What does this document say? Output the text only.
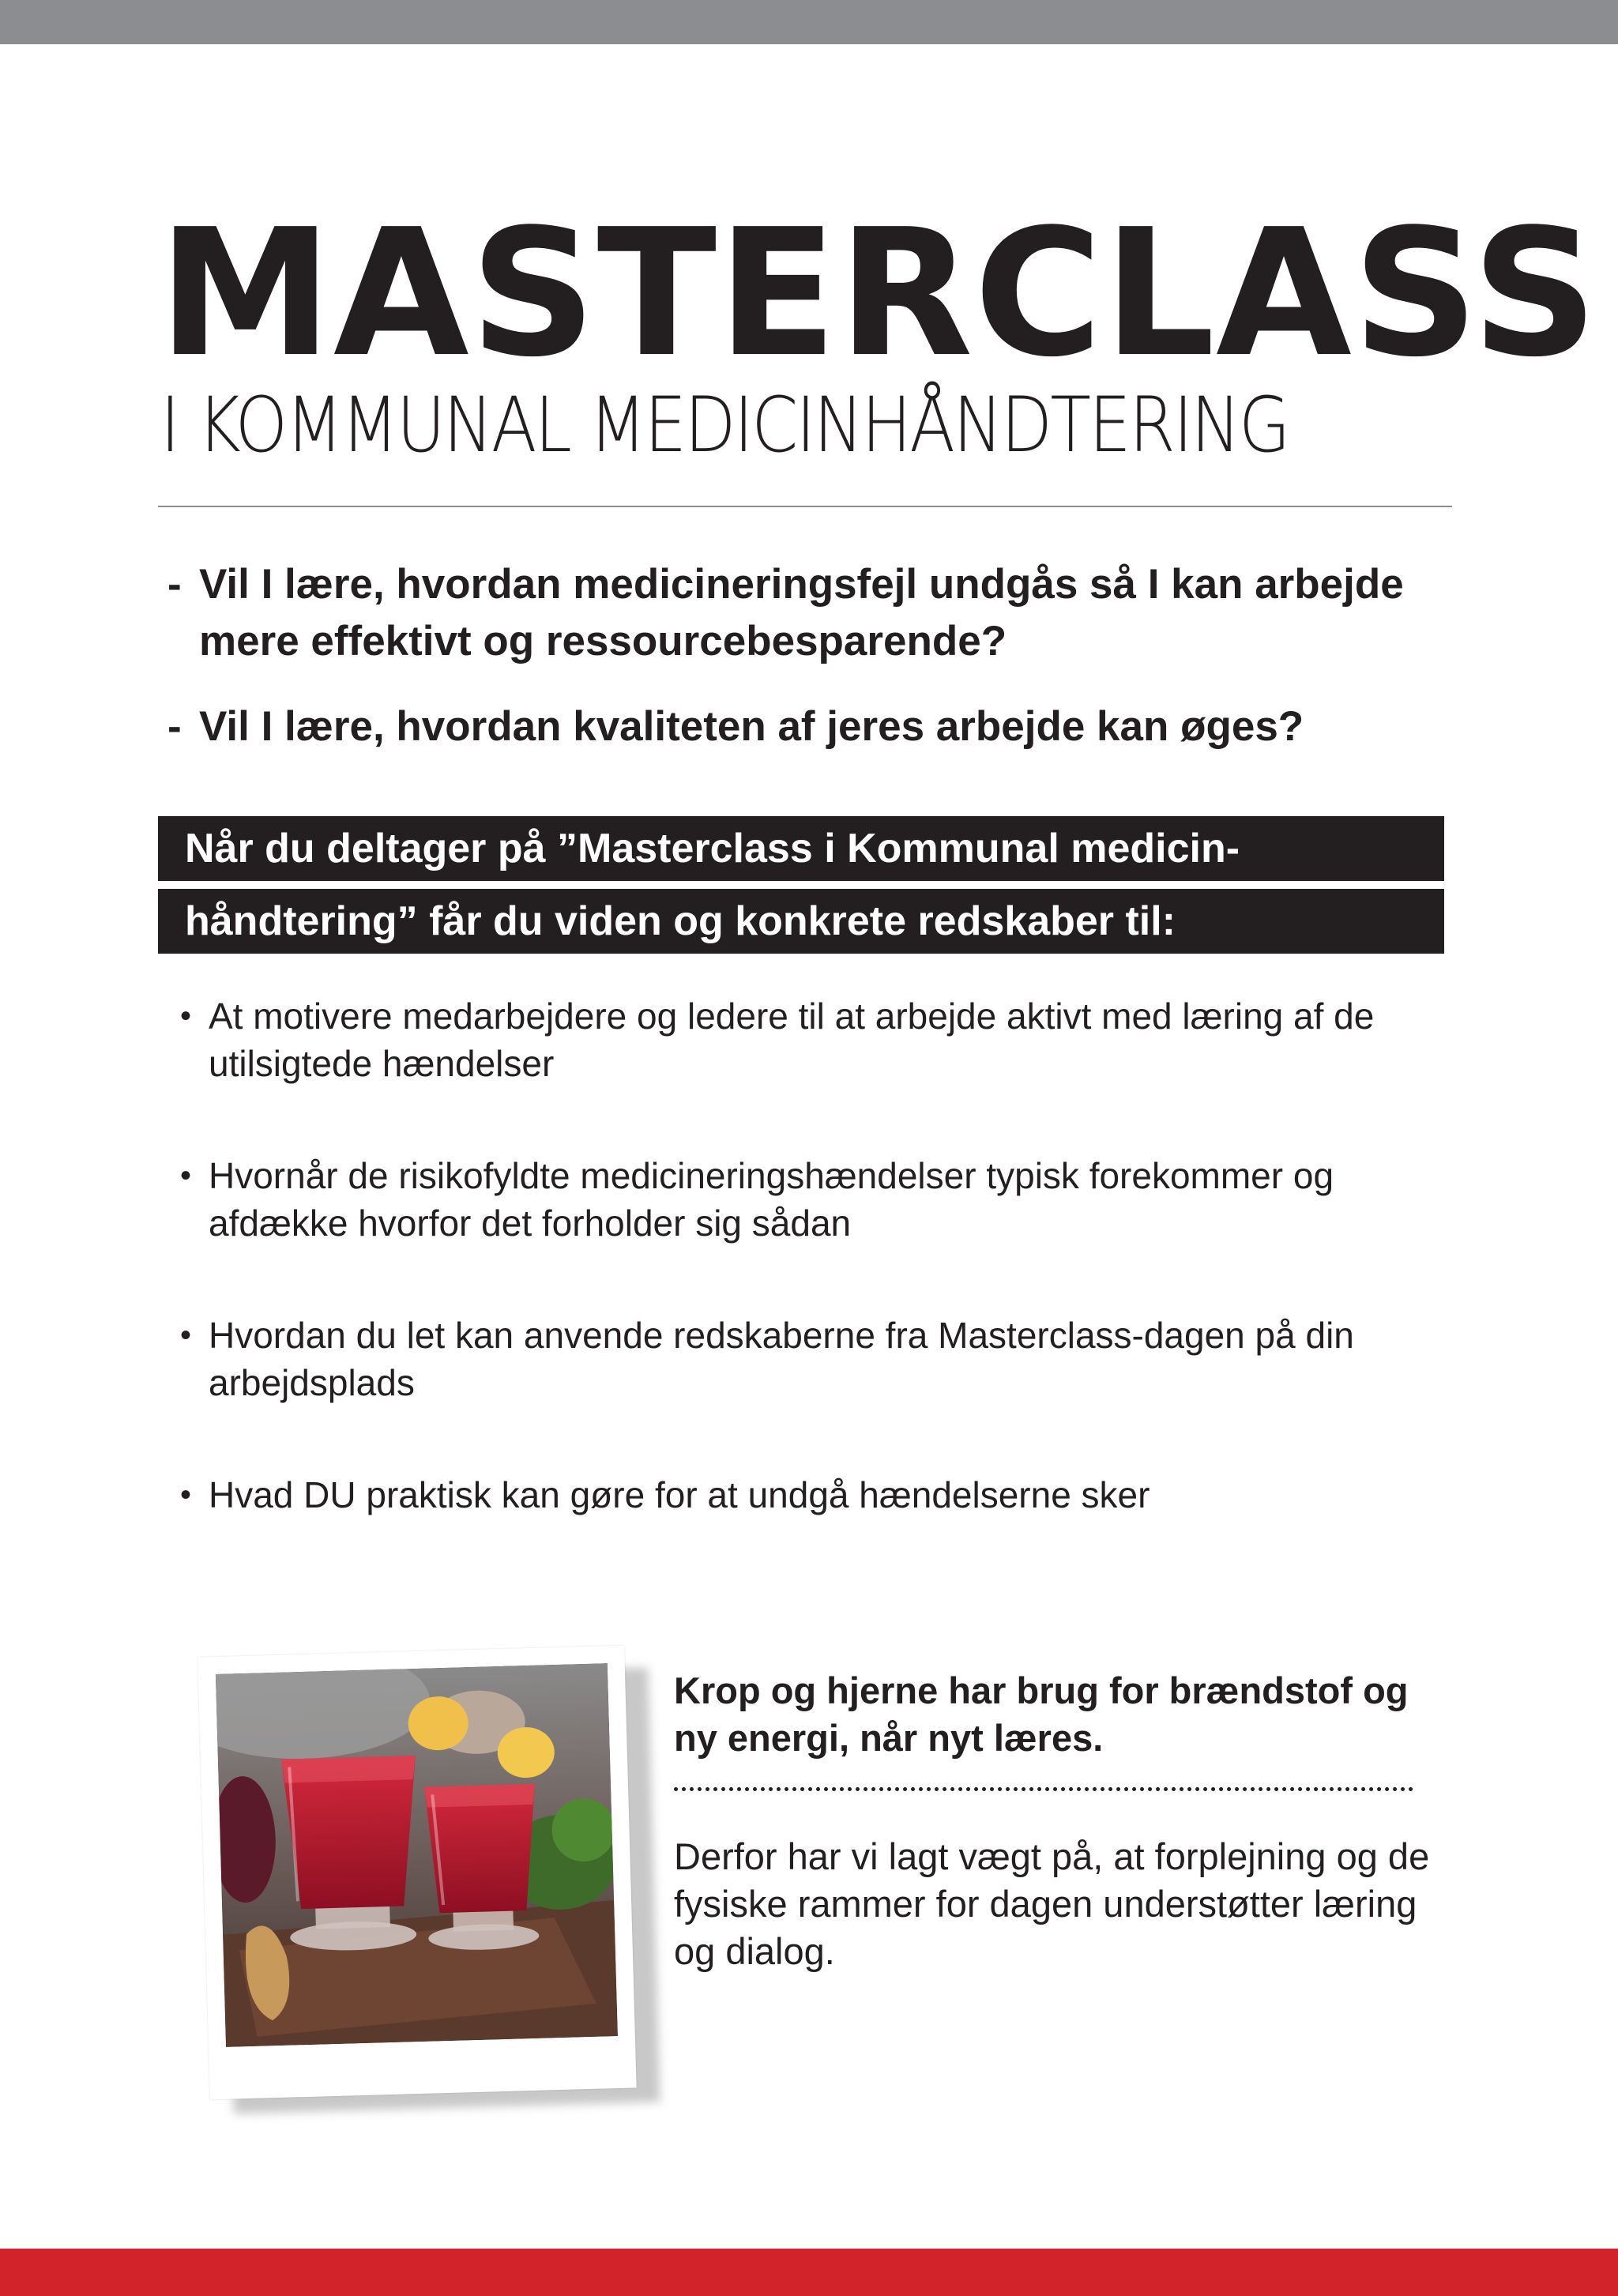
MASTERCLASS
I KOMMUNAL MEDICINHÅNDTERING
- Vil I lære, hvordan medicineringsfejl undgås så I kan arbejde mere effektivt og ressourcebesparende?
- Vil I lære, hvordan kvaliteten af jeres arbejde kan øges?
Når du deltager på ”Masterclass i Kommunal medicin-
håndtering” får du viden og konkrete redskaber til:
• At motivere medarbejdere og ledere til at arbejde aktivt med læring af de utilsigtede hændelser
• Hvornår de risikofyldte medicineringshændelser typisk forekommer og afdække hvorfor det forholder sig sådan
• Hvordan du let kan anvende redskaberne fra Masterclass-dagen på din arbejdsplads
• Hvad DU praktisk kan gøre for at undgå hændelserne sker
Krop og hjerne har brug for brændstof og ny energi, når nyt læres.
Derfor har vi lagt vægt på, at forplejning og de fysiske rammer for dagen understøtter læring og dialog.
